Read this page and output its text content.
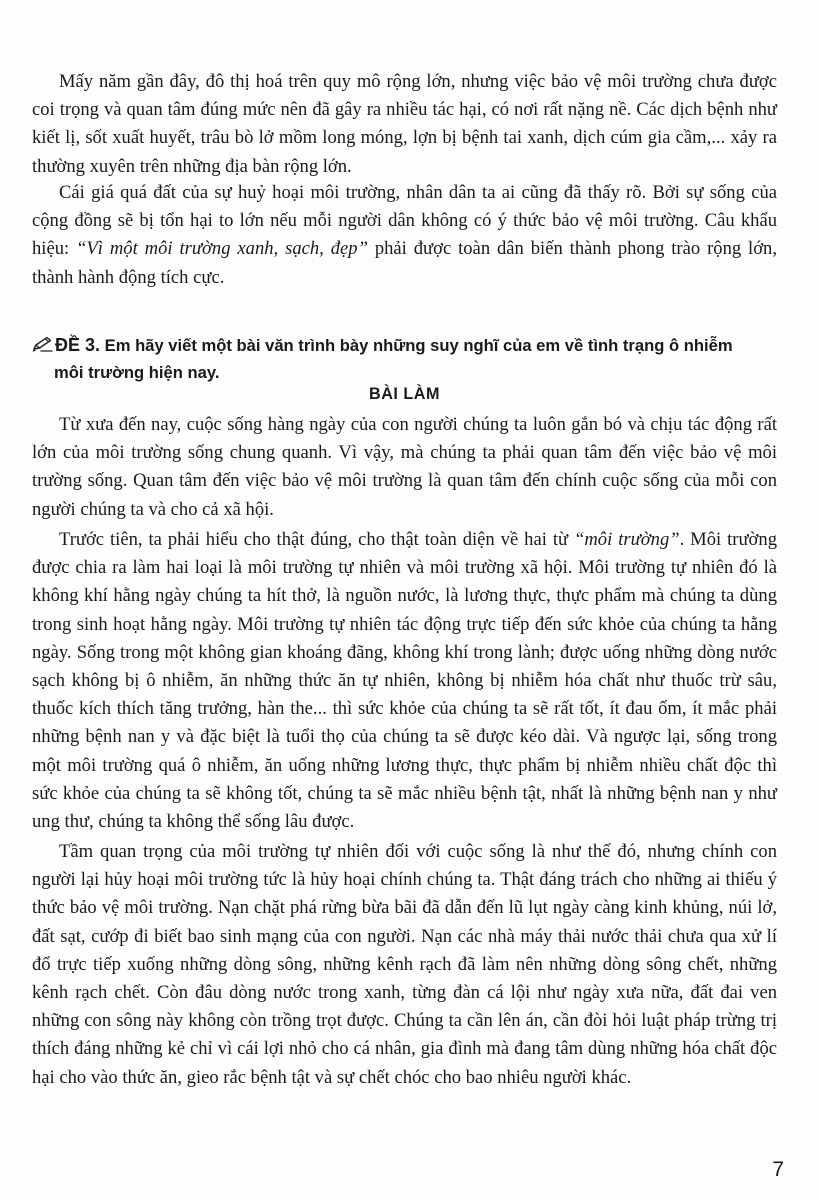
Mấy năm gần đây, đô thị hoá trên quy mô rộng lớn, nhưng việc bảo vệ môi trường chưa được coi trọng và quan tâm đúng mức nên đã gây ra nhiều tác hại, có nơi rất nặng nề. Các dịch bệnh như kiết lị, sốt xuất huyết, trâu bò lở mồm long móng, lợn bị bệnh tai xanh, dịch cúm gia cầm,... xảy ra thường xuyên trên những địa bàn rộng lớn.

Cái giá quá đất của sự huỷ hoại môi trường, nhân dân ta ai cũng đã thấy rõ. Bởi sự sống của cộng đồng sẽ bị tổn hại to lớn nếu mỗi người dân không có ý thức bảo vệ môi trường. Câu khẩu hiệu: “Vì một môi trường xanh, sạch, đẹp” phải được toàn dân biến thành phong trào rộng lớn, thành hành động tích cực.

ĐỀ 3. Em hãy viết một bài văn trình bày những suy nghĩ của em về tình trạng ô nhiễm
môi trường hiện nay.
BÀI LÀM

Từ xưa đến nay, cuộc sống hàng ngày của con người chúng ta luôn gắn bó và chịu tác động rất lớn của môi trường sống chung quanh. Vì vậy, mà chúng ta phải quan tâm đến việc bảo vệ môi trường sống. Quan tâm đến việc bảo vệ môi trường là quan tâm đến chính cuộc sống của mỗi con người chúng ta và cho cả xã hội.

Trước tiên, ta phải hiểu cho thật đúng, cho thật toàn diện về hai từ “môi trường”. Môi trường được chia ra làm hai loại là môi trường tự nhiên và môi trường xã hội. Môi trường tự nhiên đó là không khí hằng ngày chúng ta hít thở, là nguồn nước, là lương thực, thực phẩm mà chúng ta dùng trong sinh hoạt hằng ngày. Môi trường tự nhiên tác động trực tiếp đến sức khỏe của chúng ta hằng ngày. Sống trong một không gian khoáng đãng, không khí trong lành; được uống những dòng nước sạch không bị ô nhiễm, ăn những thức ăn tự nhiên, không bị nhiễm hóa chất như thuốc trừ sâu, thuốc kích thích tăng trưởng, hàn the... thì sức khỏe của chúng ta sẽ rất tốt, ít đau ốm, ít mắc phải những bệnh nan y và đặc biệt là tuổi thọ của chúng ta sẽ được kéo dài. Và ngược lại, sống trong một môi trường quá ô nhiễm, ăn uống những lương thực, thực phẩm bị nhiễm nhiều chất độc thì sức khỏe của chúng ta sẽ không tốt, chúng ta sẽ mắc nhiều bệnh tật, nhất là những bệnh nan y như ung thư, chúng ta không thể sống lâu được.

Tầm quan trọng của môi trường tự nhiên đối với cuộc sống là như thế đó, nhưng chính con người lại hủy hoại môi trường tức là hủy hoại chính chúng ta. Thật đáng trách cho những ai thiếu ý thức bảo vệ môi trường. Nạn chặt phá rừng bừa bãi đã dẫn đến lũ lụt ngày càng kinh khủng, núi lở, đất sạt, cướp đi biết bao sinh mạng của con người. Nạn các nhà máy thải nước thải chưa qua xử lí đổ trực tiếp xuống những dòng sông, những kênh rạch đã làm nên những dòng sông chết, những kênh rạch chết. Còn đâu dòng nước trong xanh, từng đàn cá lội như ngày xưa nữa, đất đai ven những con sông này không còn trồng trọt được. Chúng ta cần lên án, cần đòi hỏi luật pháp trừng trị thích đáng những kẻ chỉ vì cái lợi nhỏ cho cá nhân, gia đình mà đang tâm dùng những hóa chất độc hại cho vào thức ăn, gieo rắc bệnh tật và sự chết chóc cho bao nhiêu người khác.

7
